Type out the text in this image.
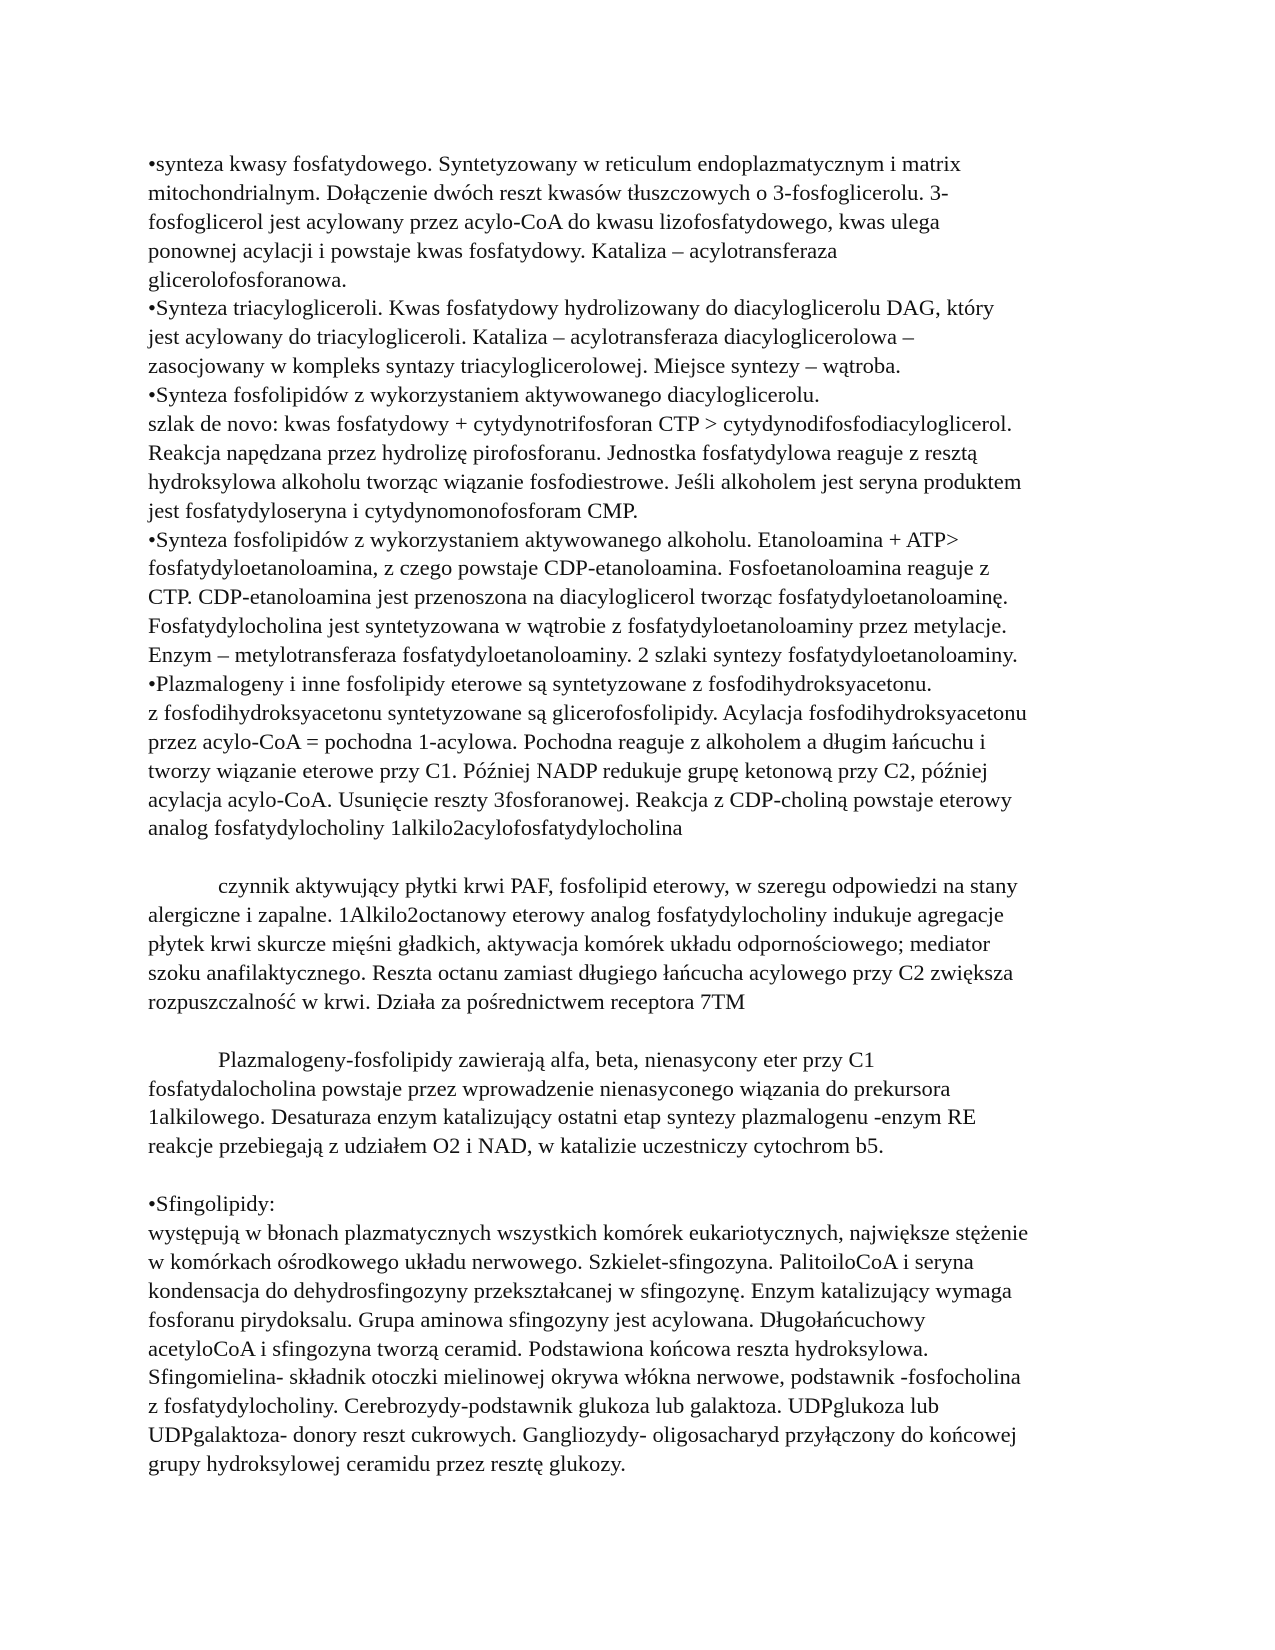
•synteza kwasy fosfatydowego. Syntetyzowany w reticulum endoplazmatycznym i matrix
mitochondrialnym. Dołączenie dwóch reszt kwasów tłuszczowych o 3-fosfoglicerolu. 3-
fosfoglicerol jest acylowany przez acylo-CoA do kwasu lizofosfatydowego, kwas ulega
ponownej acylacji i powstaje kwas fosfatydowy. Kataliza – acylotransferaza
glicerolofosforanowa.
•Synteza triacylogliceroli. Kwas fosfatydowy hydrolizowany do diacyloglicerolu DAG, który
jest acylowany do triacylogliceroli. Kataliza – acylotransferaza diacyloglicerolowa –
zasocjowany w kompleks syntazy triacyloglicerolowej. Miejsce syntezy – wątroba.
•Synteza fosfolipidów z wykorzystaniem aktywowanego diacyloglicerolu.
szlak de novo: kwas fosfatydowy + cytydynotrifosforan CTP > cytydynodifosfodiacyloglicerol.
Reakcja napędzana przez hydrolizę pirofosforanu. Jednostka fosfatydylowa reaguje z resztą
hydroksylowa alkoholu tworząc wiązanie fosfodiestrowe. Jeśli alkoholem jest seryna produktem
jest fosfatydyloseryna i cytydynomonofosforam CMP.
•Synteza fosfolipidów z wykorzystaniem aktywowanego alkoholu. Etanoloamina + ATP>
fosfatydyloetanoloamina, z czego powstaje CDP-etanoloamina. Fosfoetanoloamina reaguje z
CTP. CDP-etanoloamina jest przenoszona na diacyloglicerol tworząc fosfatydyloetanoloaminę.
Fosfatydylocholina jest syntetyzowana w wątrobie z fosfatydyloetanoloaminy przez metylacje.
Enzym – metylotransferaza fosfatydyloetanoloaminy. 2 szlaki syntezy fosfatydyloetanoloaminy.
•Plazmalogeny i inne fosfolipidy eterowe są syntetyzowane z fosfodihydroksyacetonu.
z fosfodihydroksyacetonu syntetyzowane są glicerofosfolipidy. Acylacja fosfodihydroksyacetonu
przez acylo-CoA = pochodna 1-acylowa. Pochodna reaguje z alkoholem a długim łańcuchu i
tworzy wiązanie eterowe przy C1. Później NADP redukuje grupę ketonową przy C2, później
acylacja acylo-CoA. Usunięcie reszty 3fosforanowej. Reakcja z CDP-choliną powstaje eterowy
analog fosfatydylocholiny 1alkilo2acylofosfatydylocholina
czynnik aktywujący płytki krwi PAF, fosfolipid eterowy, w szeregu odpowiedzi na stany
alergiczne i zapalne. 1Alkilo2octanowy eterowy analog fosfatydylocholiny indukuje agregacje
płytek krwi skurcze mięśni gładkich, aktywacja komórek układu odpornościowego; mediator
szoku anafilaktycznego. Reszta octanu zamiast długiego łańcucha acylowego przy C2 zwiększa
rozpuszczalność w krwi. Działa za pośrednictwem receptora 7TM
Plazmalogeny-fosfolipidy zawierają alfa, beta, nienasycony eter przy C1
fosfatydalocholina powstaje przez wprowadzenie nienasyconego wiązania do prekursora
1alkilowego. Desaturaza enzym katalizujący ostatni etap syntezy plazmalogenu -enzym RE
reakcje przebiegają z udziałem O2 i NAD, w katalizie uczestniczy cytochrom b5.
•Sfingolipidy:
występują w błonach plazmatycznych wszystkich komórek eukariotycznych, największe stężenie
w komórkach ośrodkowego układu nerwowego. Szkielet-sfingozyna. PalitoiloCoA i seryna
kondensacja do dehydrosfingozyny przekształcanej w sfingozynę. Enzym katalizujący wymaga
fosforanu pirydoksalu. Grupa aminowa sfingozyny jest acylowana. Długołańcuchowy
acetyloCoA i sfingozyna tworzą ceramid. Podstawiona końcowa reszta hydroksylowa.
Sfingomielina- składnik otoczki mielinowej okrywa włókna nerwowe, podstawnik -fosfocholina
z fosfatydylocholiny. Cerebrozydy-podstawnik glukoza lub galaktoza. UDPglukoza lub
UDPgalaktoza- donory reszt cukrowych. Gangliozydy- oligosacharyd przyłączony do końcowej
grupy hydroksylowej ceramidu przez resztę glukozy.
